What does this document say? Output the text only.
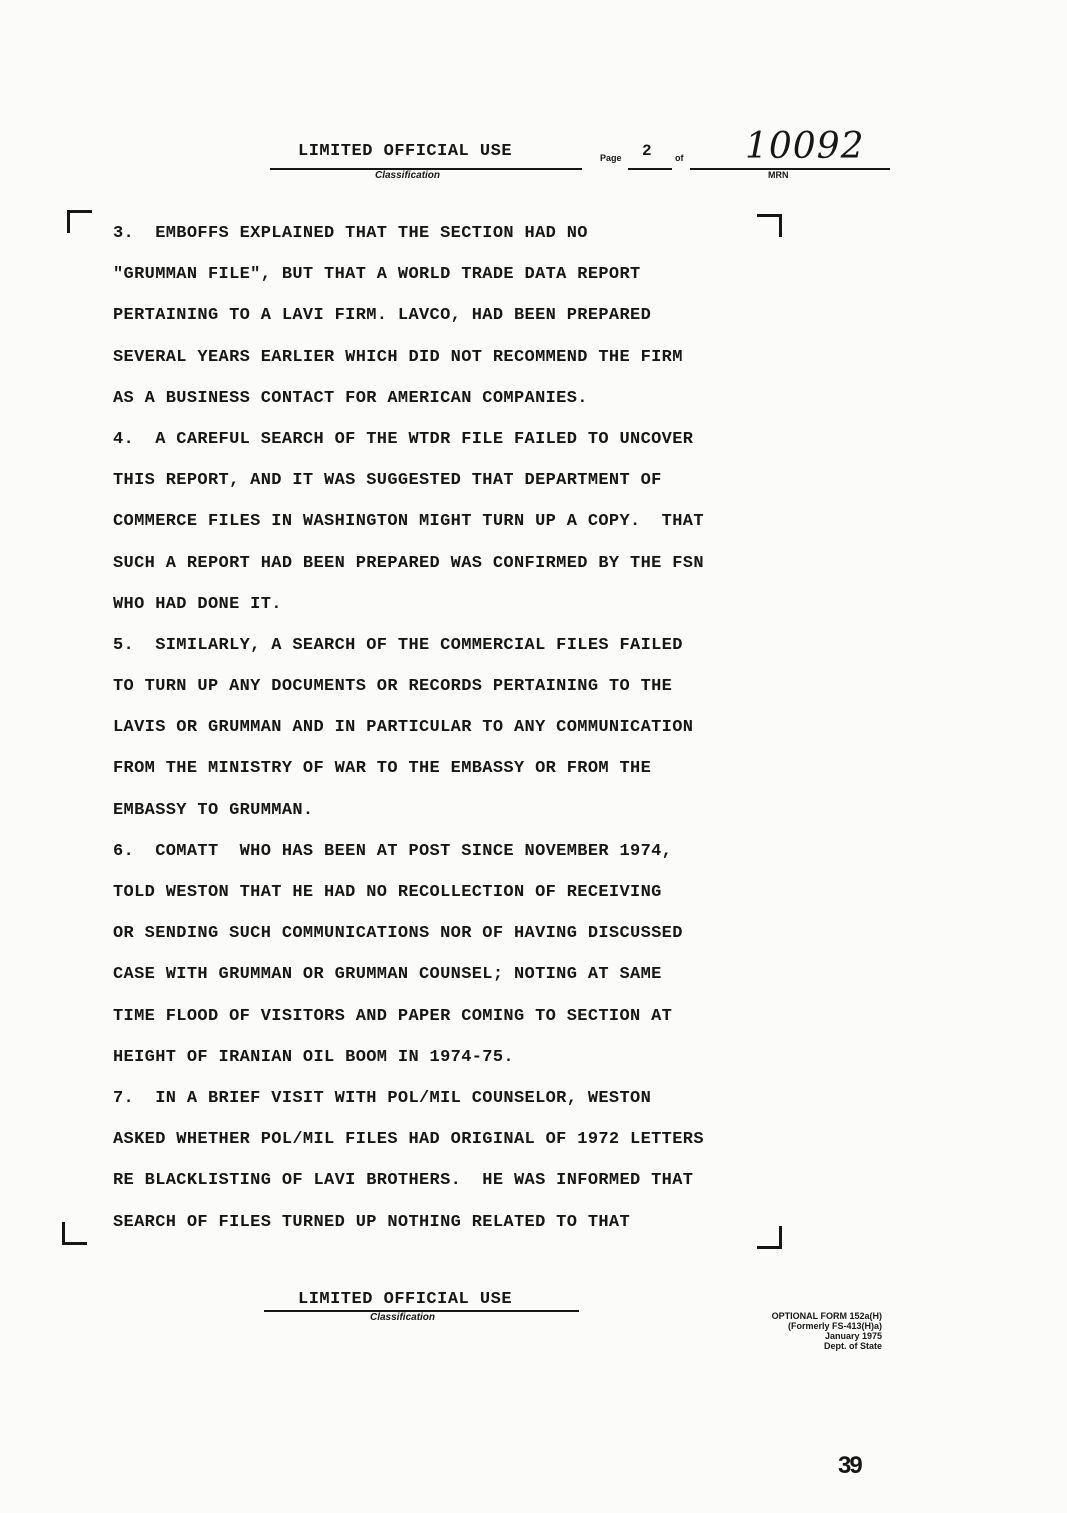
LIMITED OFFICIAL USE
Classification
Page 2	of 10092
MRN
3.  EMBOFFS EXPLAINED THAT THE SECTION HAD NO
"GRUMMAN FILE", BUT THAT A WORLD TRADE DATA REPORT
PERTAINING TO A LAVI FIRM. LAVCO, HAD BEEN PREPARED
SEVERAL YEARS EARLIER WHICH DID NOT RECOMMEND THE FIRM
AS A BUSINESS CONTACT FOR AMERICAN COMPANIES.
4.  A CAREFUL SEARCH OF THE WTDR FILE FAILED TO UNCOVER
THIS REPORT, AND IT WAS SUGGESTED THAT DEPARTMENT OF
COMMERCE FILES IN WASHINGTON MIGHT TURN UP A COPY.  THAT
SUCH A REPORT HAD BEEN PREPARED WAS CONFIRMED BY THE FSN
WHO HAD DONE IT.
5.  SIMILARLY, A SEARCH OF THE COMMERCIAL FILES FAILED
TO TURN UP ANY DOCUMENTS OR RECORDS PERTAINING TO THE
LAVIS OR GRUMMAN AND IN PARTICULAR TO ANY COMMUNICATION
FROM THE MINISTRY OF WAR TO THE EMBASSY OR FROM THE
EMBASSY TO GRUMMAN.
6.  COMATT  WHO HAS BEEN AT POST SINCE NOVEMBER 1974,
TOLD WESTON THAT HE HAD NO RECOLLECTION OF RECEIVING
OR SENDING SUCH COMMUNICATIONS NOR OF HAVING DISCUSSED
CASE WITH GRUMMAN OR GRUMMAN COUNSEL; NOTING AT SAME
TIME FLOOD OF VISITORS AND PAPER COMING TO SECTION AT
HEIGHT OF IRANIAN OIL BOOM IN 1974-75.
7.  IN A BRIEF VISIT WITH POL/MIL COUNSELOR, WESTON
ASKED WHETHER POL/MIL FILES HAD ORIGINAL OF 1972 LETTERS
RE BLACKLISTING OF LAVI BROTHERS.  HE WAS INFORMED THAT
SEARCH OF FILES TURNED UP NOTHING RELATED TO THAT
LIMITED OFFICIAL USE
Classification	OPTIONAL FORM 152a(H)
(Formerly FS-413(H)a)
January 1975
Dept. of State
39
